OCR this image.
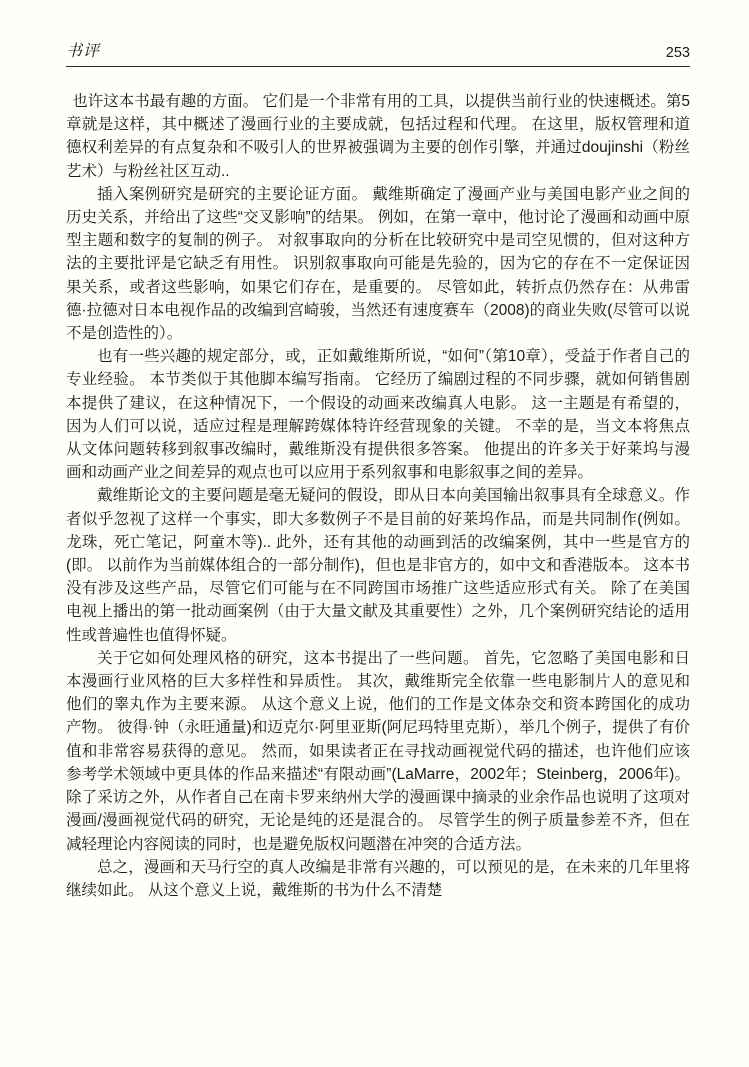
书评	253

也许这本书最有趣的方面。 它们是一个非常有用的工具，以提供当前行业的快速概述。第5章就是这样，其中概述了漫画行业的主要成就，包括过程和代理。 在这里，版权管理和道德权利差异的有点复杂和不吸引人的世界被强调为主要的创作引擎，并通过doujinshi（粉丝艺术）与粉丝社区互动..

插入案例研究是研究的主要论证方面。 戴维斯确定了漫画产业与美国电影产业之间的历史关系，并给出了这些“交叉影响”的结果。 例如，在第一章中，他讨论了漫画和动画中原型主题和数字的复制的例子。 对叙事取向的分析在比较研究中是司空见惯的，但对这种方法的主要批评是它缺乏有用性。 识别叙事取向可能是先验的，因为它的存在不一定保证因果关系，或者这些影响，如果它们存在，是重要的。 尽管如此，转折点仍然存在：从弗雷德·拉德对日本电视作品的改编到宫崎骏，当然还有速度赛车（2008)的商业失败(尽管可以说不是创造性的）。

也有一些兴趣的规定部分，或，正如戴维斯所说，“如何”（第10章），受益于作者自己的专业经验。 本节类似于其他脚本编写指南。 它经历了编剧过程的不同步骤，就如何销售剧本提供了建议，在这种情况下，一个假设的动画来改编真人电影。 这一主题是有希望的，因为人们可以说，适应过程是理解跨媒体特许经营现象的关键。 不幸的是，当文本将焦点从文体问题转移到叙事改编时，戴维斯没有提供很多答案。 他提出的许多关于好莱坞与漫画和动画产业之间差异的观点也可以应用于系列叙事和电影叙事之间的差异。

戴维斯论文的主要问题是毫无疑问的假设，即从日本向美国输出叙事具有全球意义。作者似乎忽视了这样一个事实，即大多数例子不是目前的好莱坞作品，而是共同制作(例如。 龙珠，死亡笔记，阿童木等).. 此外，还有其他的动画到活的改编案例，其中一些是官方的(即。 以前作为当前媒体组合的一部分制作)，但也是非官方的，如中文和香港版本。 这本书没有涉及这些产品，尽管它们可能与在不同跨国市场推广这些适应形式有关。 除了在美国电视上播出的第一批动画案例（由于大量文献及其重要性）之外，几个案例研究结论的适用性或普遍性也值得怀疑。

关于它如何处理风格的研究，这本书提出了一些问题。 首先，它忽略了美国电影和日本漫画行业风格的巨大多样性和异质性。 其次，戴维斯完全依靠一些电影制片人的意见和他们的睾丸作为主要来源。 从这个意义上说，他们的工作是文体杂交和资本跨国化的成功产物。 彼得·钟（永旺通量)和迈克尔·阿里亚斯(阿尼玛特里克斯），举几个例子，提供了有价值和非常容易获得的意见。 然而，如果读者正在寻找动画视觉代码的描述，也许他们应该参考学术领域中更具体的作品来描述“有限动画”(LaMarre，2002年；Steinberg，2006年)。 除了采访之外，从作者自己在南卡罗来纳州大学的漫画课中摘录的业余作品也说明了这项对漫画/漫画视觉代码的研究，无论是纯的还是混合的。 尽管学生的例子质量参差不齐，但在减轻理论内容阅读的同时，也是避免版权问题潜在冲突的合适方法。

总之，漫画和天马行空的真人改编是非常有兴趣的，可以预见的是，在未来的几年里将继续如此。 从这个意义上说，戴维斯的书为什么不清楚
